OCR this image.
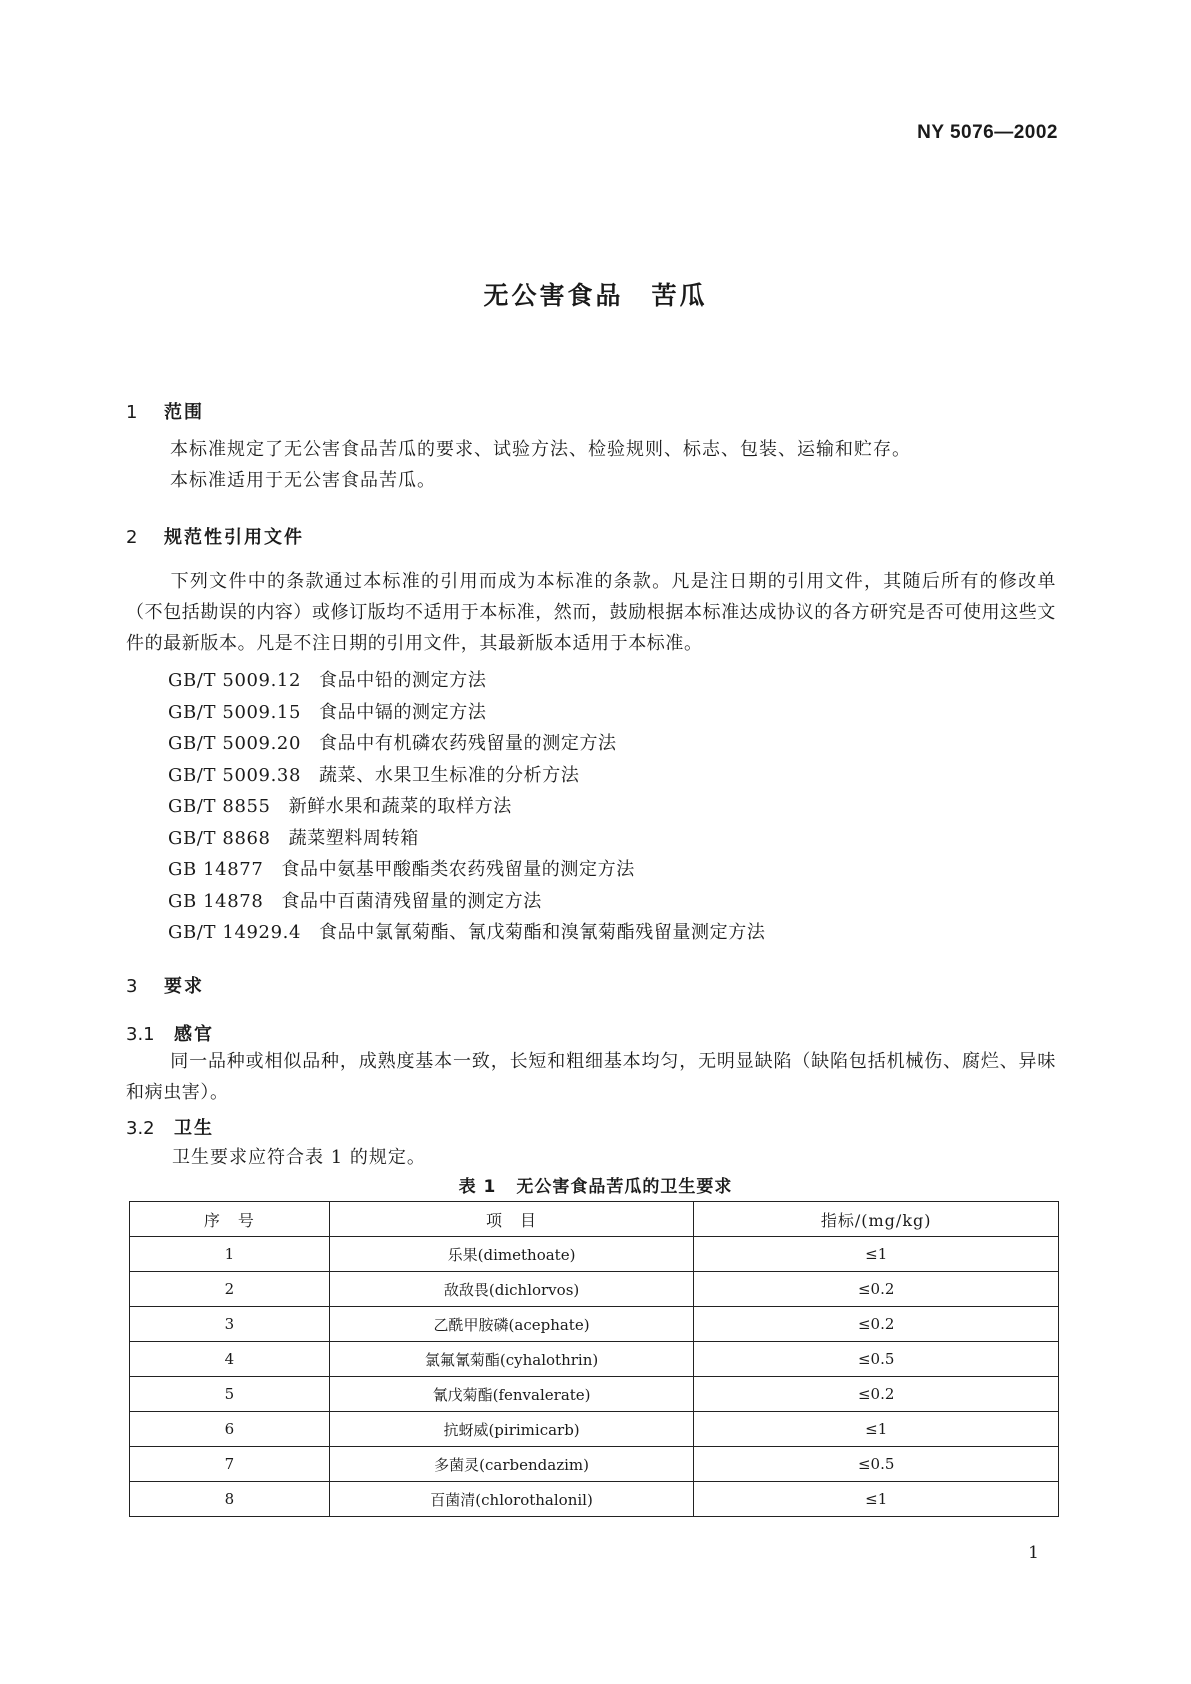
NY 5076—2002
无公害食品　苦瓜
1 范围
本标准规定了无公害食品苦瓜的要求、试验方法、检验规则、标志、包装、运输和贮存。
本标准适用于无公害食品苦瓜。
2 规范性引用文件
下列文件中的条款通过本标准的引用而成为本标准的条款。凡是注日期的引用文件，其随后所有的修改单（不包括勘误的内容）或修订版均不适用于本标准，然而，鼓励根据本标准达成协议的各方研究是否可使用这些文件的最新版本。凡是不注日期的引用文件，其最新版本适用于本标准。
GB/T 5009.12 食品中铅的测定方法
GB/T 5009.15 食品中镉的测定方法
GB/T 5009.20 食品中有机磷农药残留量的测定方法
GB/T 5009.38 蔬菜、水果卫生标准的分析方法
GB/T 8855 新鲜水果和蔬菜的取样方法
GB/T 8868 蔬菜塑料周转箱
GB 14877 食品中氨基甲酸酯类农药残留量的测定方法
GB 14878 食品中百菌清残留量的测定方法
GB/T 14929.4 食品中氯氰菊酯、氰戊菊酯和溴氰菊酯残留量测定方法
3 要求
3.1 感官
同一品种或相似品种，成熟度基本一致，长短和粗细基本均匀，无明显缺陷（缺陷包括机械伤、腐烂、异味和病虫害）。
3.2 卫生
卫生要求应符合表 1 的规定。
表 1 无公害食品苦瓜的卫生要求
序　号	项　目	指标/(mg/kg)
1	乐果(dimethoate)	≤1
2	敌敌畏(dichlorvos)	≤0.2
3	乙酰甲胺磷(acephate)	≤0.2
4	氯氟氰菊酯(cyhalothrin)	≤0.5
5	氰戊菊酯(fenvalerate)	≤0.2
6	抗蚜威(pirimicarb)	≤1
7	多菌灵(carbendazim)	≤0.5
8	百菌清(chlorothalonil)	≤1
1
